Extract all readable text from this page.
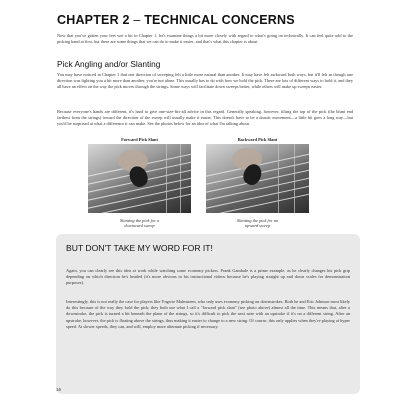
CHAPTER 2 – TECHNICAL CONCERNS

Now that you've gotten your feet wet a bit in Chapter 1, let's examine things a bit more closely with regard to what's going on technically. It can feel quite odd to the picking hand at first, but there are some things that we can do to make it easier, and that's what this chapter is about.

Pick Angling and/or Slanting

You may have noticed in Chapter 1 that one direction of sweeping felt a little more natural than another. It may have felt awkward both ways, but it'll felt as though one direction was fighting you a bit more than another, you're not alone. This usually has to do with how we hold the pick. There are lots of different ways to hold it, and they all have an effect on the way the pick moves through the strings. Some ways will facilitate down sweeps better, while others will make up sweeps easier.

Because everyone's hands are different, it's hard to give one-size-fits-all advice in this regard. Generally speaking, however, tilting the top of the pick (the blunt end farthest from the strings) toward the direction of the sweep will usually make it easier. This doesn't have to be a drastic movement—a little bit goes a long way—but you'd be surprised at what a difference it can make. See the photos below for an idea of what I'm talking about.

Forward Pick Slant
Slanting the pick for a
downward sweep
Backward Pick Slant
Slanting the pick for an
upward sweep
BUT DON'T TAKE MY WORD FOR IT!

Again, you can clearly see this idea at work while watching some economy pickers. Frank Gambale is a prime example, as he clearly changes his pick grip depending on which direction he's headed (it's more obvious in his instructional videos because he's playing straight up and down scales for demonstration purposes).

Interestingly, this is not really the case for players like Yngwie Malmsteen, who only uses economy picking on downstrokes. Both he and Eric Johnson most likely do this because of the way they hold the pick; they both use what I call a "forward pick slant" (see photo above) almost all the time. This means that, after a downstroke, the pick is turned a bit beneath the plane of the strings, so it's difficult to pick the next note with an upstroke if it's on a different string. After an upstroke, however, the pick is floating above the strings, thus making it easier to change to a new string. Of course, this only applies when they're playing at hyper speed. At slower speeds, they can, and will, employ more alternate picking if necessary.

16
